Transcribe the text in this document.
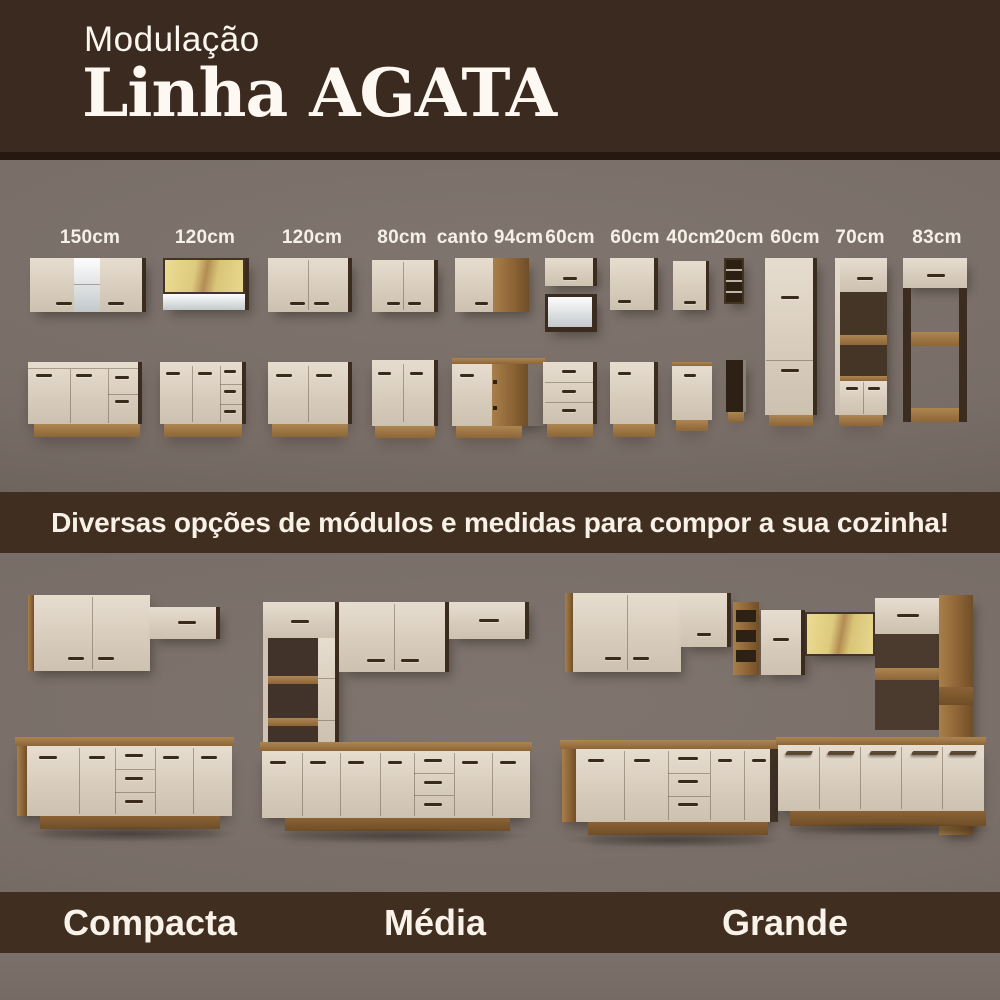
Modulação
Linha AGATA
Diversas opções de módulos e medidas para compor a sua cozinha!
Compacta	Média	Grande
150cm	120cm 120cm 80cm canto 94cm 60cm 60cm 40cm
20cm 60cm 70cm 83cm
